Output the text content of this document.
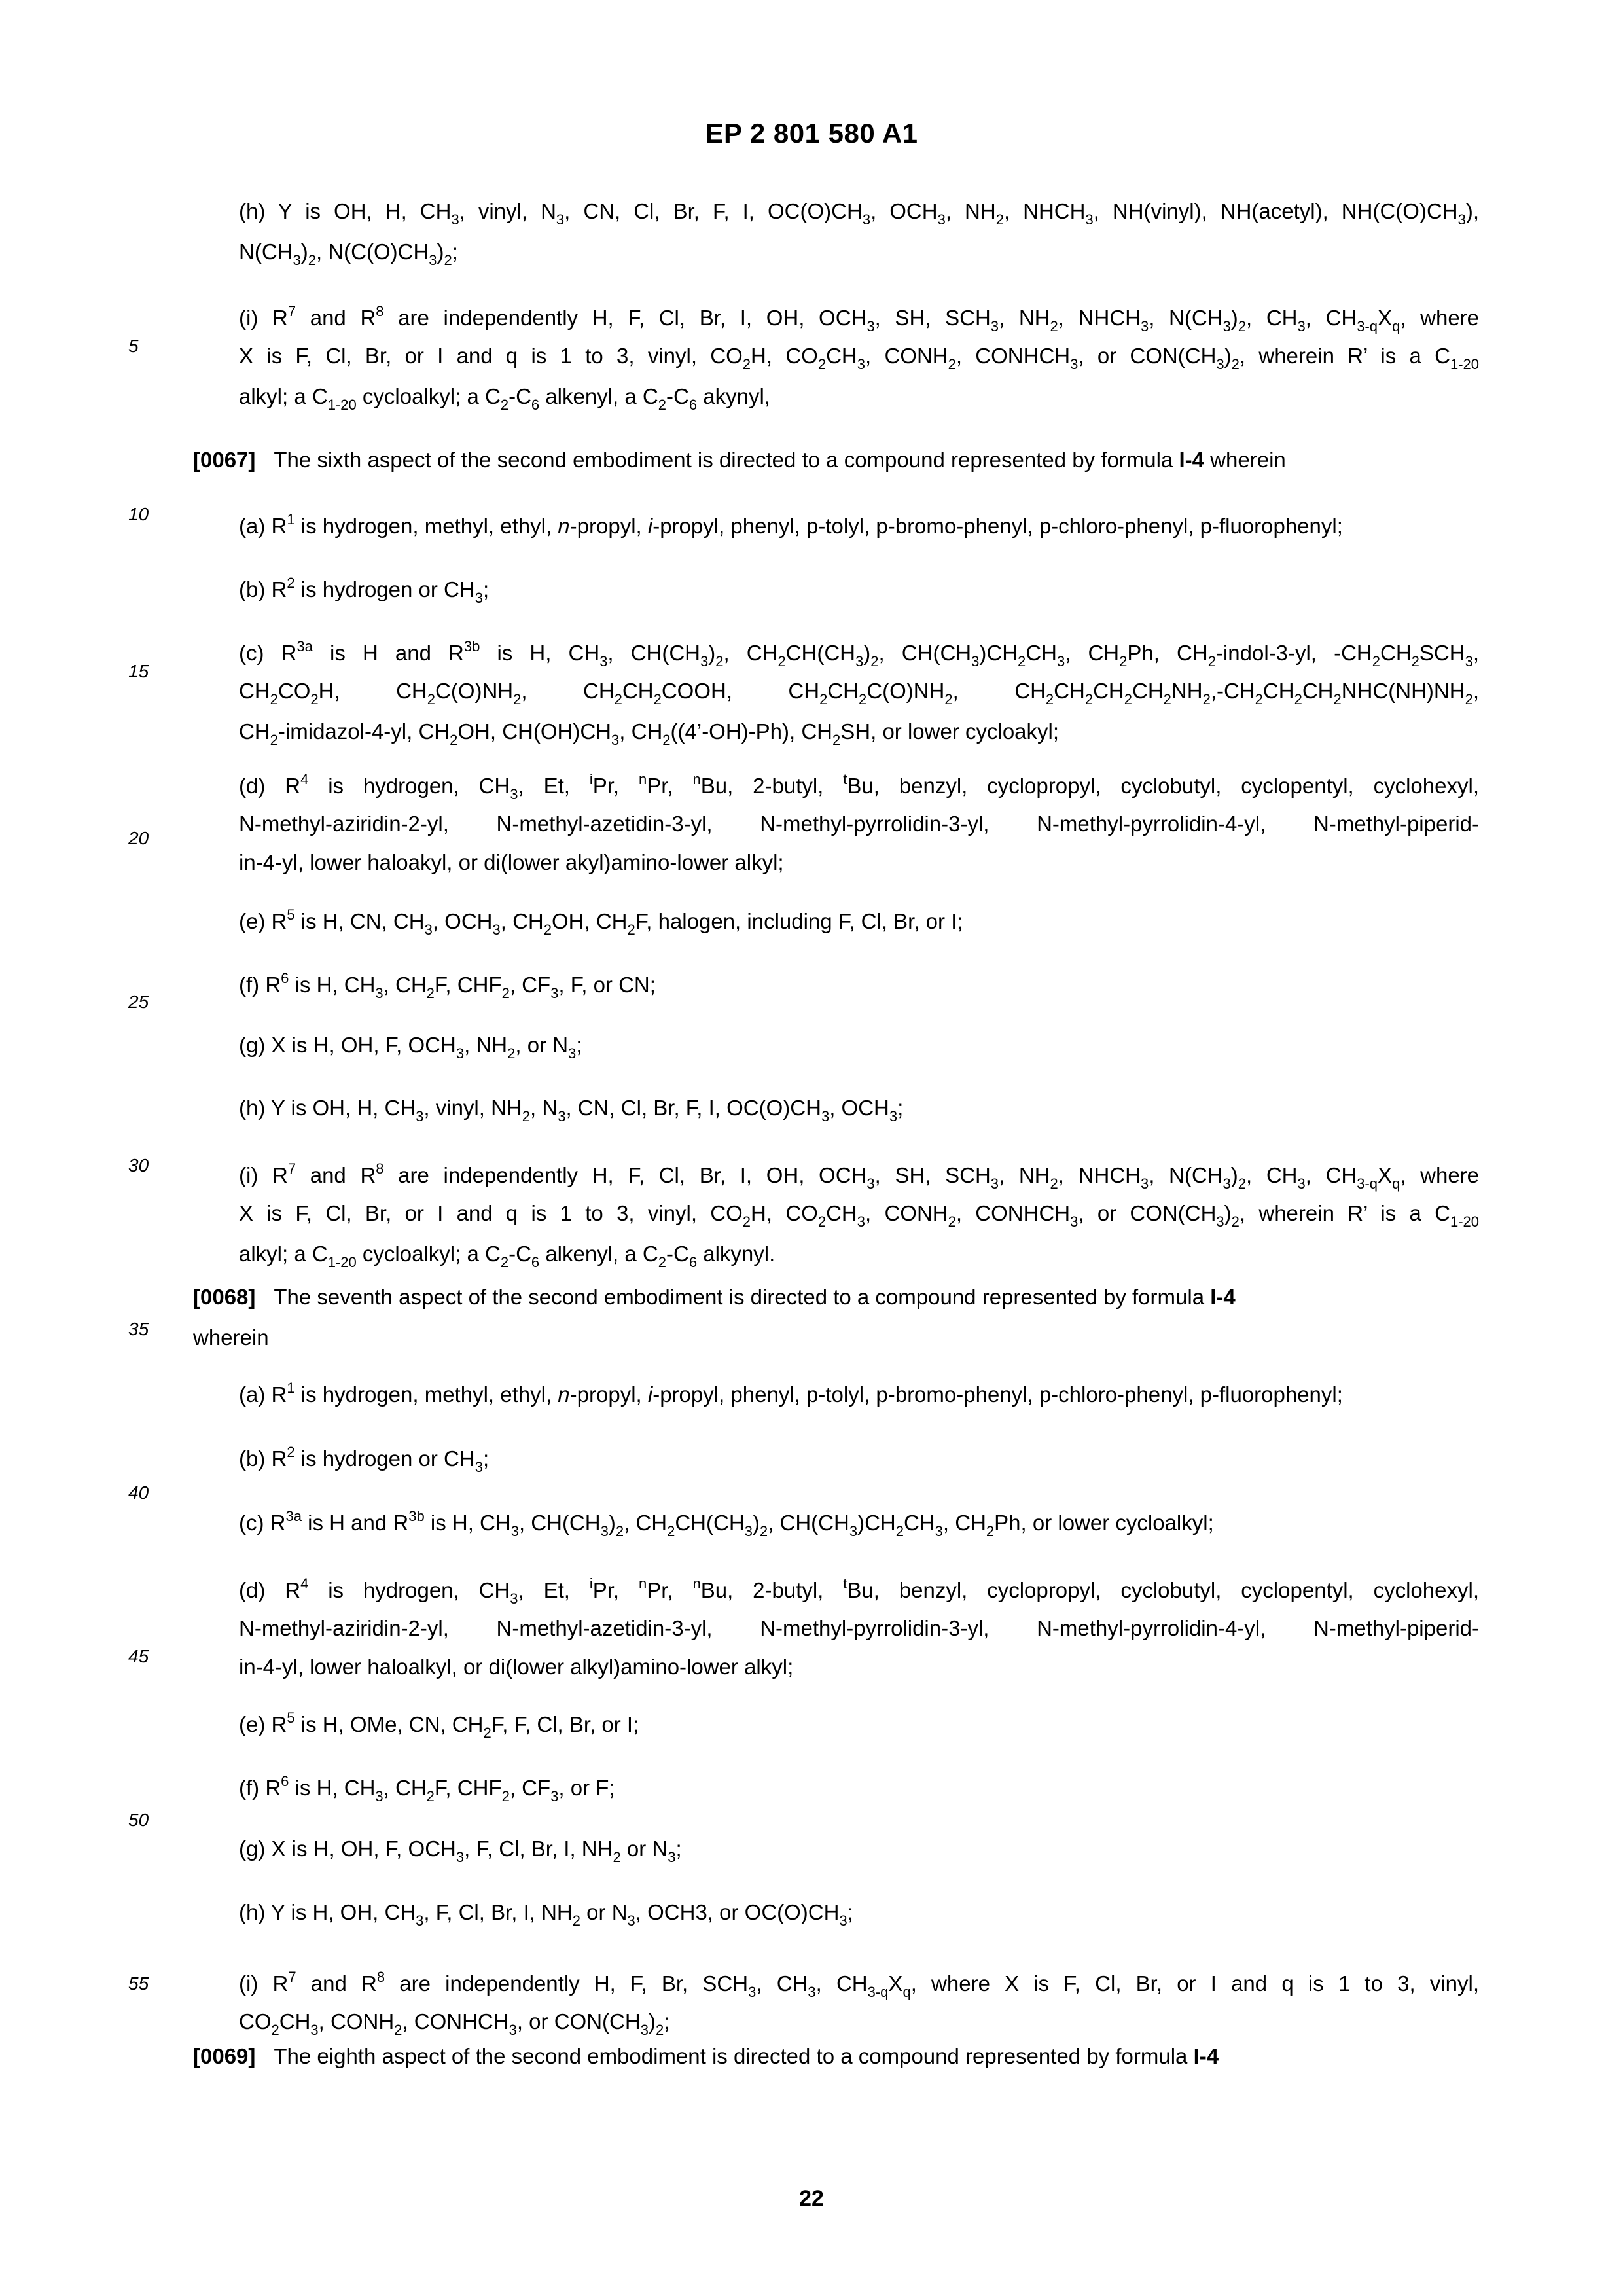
EP 2 801 580 A1
(h) Y is OH, H, $CH_3$, vinyl, $N_3$, CN, Cl, Br, F, I, $OC(O)CH_3$, $OCH_3$, $NH_2$, $NHCH_3$, NH(vinyl), NH(acetyl), $NH(C(O)CH_3)$,
$N(CH_3)_2$, $N(C(O)CH_3)_2$;
(i) $R^7$ and $R^8$ are independently H, F, Cl, Br, I, OH, $OCH_3$, SH, $SCH_3$, $NH_2$, $NHCH_3$, $N(CH_3)_2$, $CH_3$, $CH_{3-q}X_q$, where
X is F, Cl, Br, or I and q is 1 to 3, vinyl, $CO_2H$, $CO_2CH_3$, $CONH_2$, $CONHCH_3$, or $CON(CH_3)_2$, wherein R’ is a $C_{1-20}$
alkyl; a $C_{1-20}$ cycloalkyl; a $C_2-C_6$ alkenyl, a $C_2-C_6$ akynyl,
[0067] The sixth aspect of the second embodiment is directed to a compound represented by formula I-4 wherein
(a) $R^1$ is hydrogen, methyl, ethyl, n-propyl, i-propyl, phenyl, p-tolyl, p-bromo-phenyl, p-chloro-phenyl, p-fluorophenyl;
(b) $R^2$ is hydrogen or $CH_3$;
(c) $R^{3a}$ is H and $R^{3b}$ is H, $CH_3$, $CH(CH_3)_2$, $CH_2CH(CH_3)_2$, $CH(CH_3)CH_2CH_3$, $CH_2Ph$, $CH_2-indol-3-yl$, $-CH_2CH_2SCH_3$,
$CH_2CO_2H$, $CH_2C(O)NH_2$, $CH_2CH_2COOH$, $CH_2CH_2C(O)NH_2$, $CH_2CH_2CH_2CH_2NH_2,-CH_2CH_2CH_2NHC(NH)NH_2$,
$CH_2-imidazol-4-yl$, $CH_2OH$, $CH(OH)CH_3$, $CH_2((4’-OH)-Ph)$, $CH_2SH$, or lower cycloakyl;
(d) $R^4$ is hydrogen, $CH_3$, Et, $^i$Pr, $^n$Pr, $^n$Bu, 2-butyl, $^t$Bu, benzyl, cyclopropyl, cyclobutyl, cyclopentyl, cyclohexyl,
N-methyl-aziridin-2-yl, N-methyl-azetidin-3-yl, N-methyl-pyrrolidin-3-yl, N-methyl-pyrrolidin-4-yl, N-methyl-piperid-
in-4-yl, lower haloakyl, or di(lower akyl)amino-lower alkyl;
(e) $R^5$ is H, CN, $CH_3$, $OCH_3$, $CH_2OH$, $CH_2F$, halogen, including F, Cl, Br, or I;
(f) $R^6$ is H, $CH_3$, $CH_2F$, $CHF_2$, $CF_3$, F, or CN;
(g) X is H, OH, F, $OCH_3$, $NH_2$, or $N_3$;
(h) Y is OH, H, $CH_3$, vinyl, $NH_2$, $N_3$, CN, Cl, Br, F, I, $OC(O)CH_3$, $OCH_3$;
(i) $R^7$ and $R^8$ are independently H, F, Cl, Br, I, OH, $OCH_3$, SH, $SCH_3$, $NH_2$, $NHCH_3$, $N(CH_3)_2$, $CH_3$, $CH_{3-q}X_q$, where
X is F, Cl, Br, or I and q is 1 to 3, vinyl, $CO_2H$, $CO_2CH_3$, $CONH_2$, $CONHCH_3$, or $CON(CH_3)_2$, wherein R’ is a $C_{1-20}$
alkyl; a $C_{1-20}$ cycloalkyl; a $C_2-C_6$ alkenyl, a $C_2-C_6$ alkynyl.
[0068] The seventh aspect of the second embodiment is directed to a compound represented by formula I-4
wherein
(a) $R^1$ is hydrogen, methyl, ethyl, n-propyl, i-propyl, phenyl, p-tolyl, p-bromo-phenyl, p-chloro-phenyl, p-fluorophenyl;
(b) $R^2$ is hydrogen or $CH_3$;
(c) $R^{3a}$ is H and $R^{3b}$ is H, $CH_3$, $CH(CH_3)_2$, $CH_2CH(CH_3)_2$, $CH(CH_3)CH_2CH_3$, $CH_2Ph$, or lower cycloalkyl;
(d) $R^4$ is hydrogen, $CH_3$, Et, $^i$Pr, $^n$Pr, $^n$Bu, 2-butyl, $^t$Bu, benzyl, cyclopropyl, cyclobutyl, cyclopentyl, cyclohexyl,
N-methyl-aziridin-2-yl, N-methyl-azetidin-3-yl, N-methyl-pyrrolidin-3-yl, N-methyl-pyrrolidin-4-yl, N-methyl-piperid-
in-4-yl, lower haloalkyl, or di(lower alkyl)amino-lower alkyl;
(e) $R^5$ is H, OMe, CN, $CH_2F$, F, Cl, Br, or I;
(f) $R^6$ is H, $CH_3$, $CH_2F$, $CHF_2$, $CF_3$, or F;
(g) X is H, OH, F, $OCH_3$, F, Cl, Br, I, $NH_2$ or $N_3$;
(h) Y is H, OH, $CH_3$, F, Cl, Br, I, $NH_2$ or $N_3$, OCH3, or $OC(O)CH_3$;
(i) $R^7$ and $R^8$ are independently H, F, Br, $SCH_3$, $CH_3$, $CH_{3-q}X_q$, where X is F, Cl, Br, or I and q is 1 to 3, vinyl,
$CO_2CH_3$, $CONH_2$, $CONHCH_3$, or $CON(CH_3)_2$;
[0069] The eighth aspect of the second embodiment is directed to a compound represented by formula I-4
22
5
10
15
20
25
30
35
40
45
50
55
